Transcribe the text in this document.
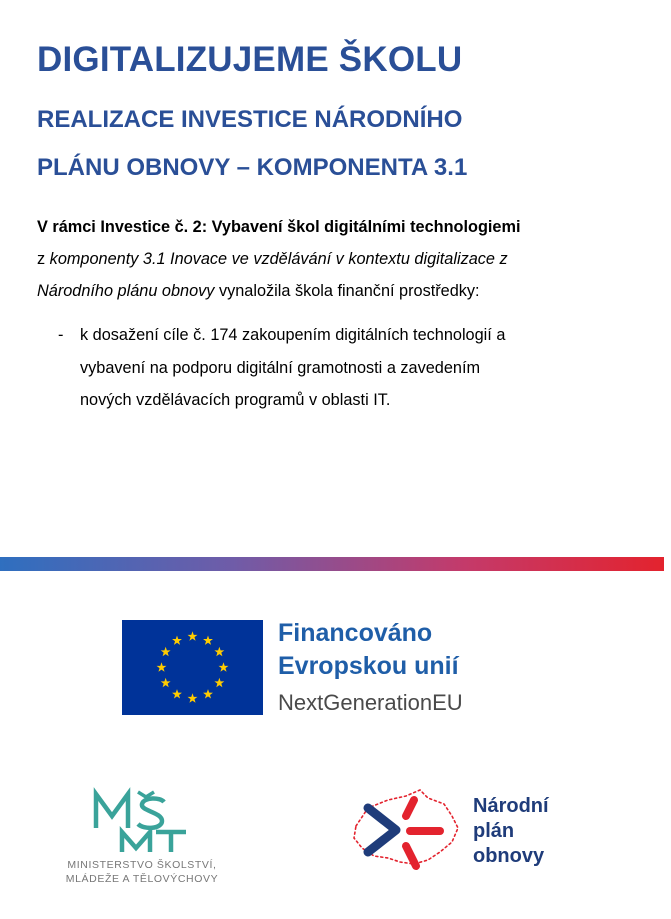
DIGITALIZUJEME ŠKOLU
REALIZACE INVESTICE NÁRODNÍHO
PLÁNU OBNOVY – KOMPONENTA 3.1
V rámci Investice č. 2: Vybavení škol digitálními technologiemi
z komponenty 3.1 Inovace ve vzdělávání v kontextu digitalizace z
Národního plánu obnovy vynaložila škola finanční prostředky:
- k dosažení cíle č. 174 zakoupením digitálních technologií a
vybavení na podporu digitální gramotnosti a zavedením
nových vzdělávacích programů v oblasti IT.
Financováno
Evropskou unií
NextGenerationEU
MINISTERSTVO ŠKOLSTVÍ,
MLÁDEŽE A TĚLOVÝCHOVY
Národní
plán
obnovy
